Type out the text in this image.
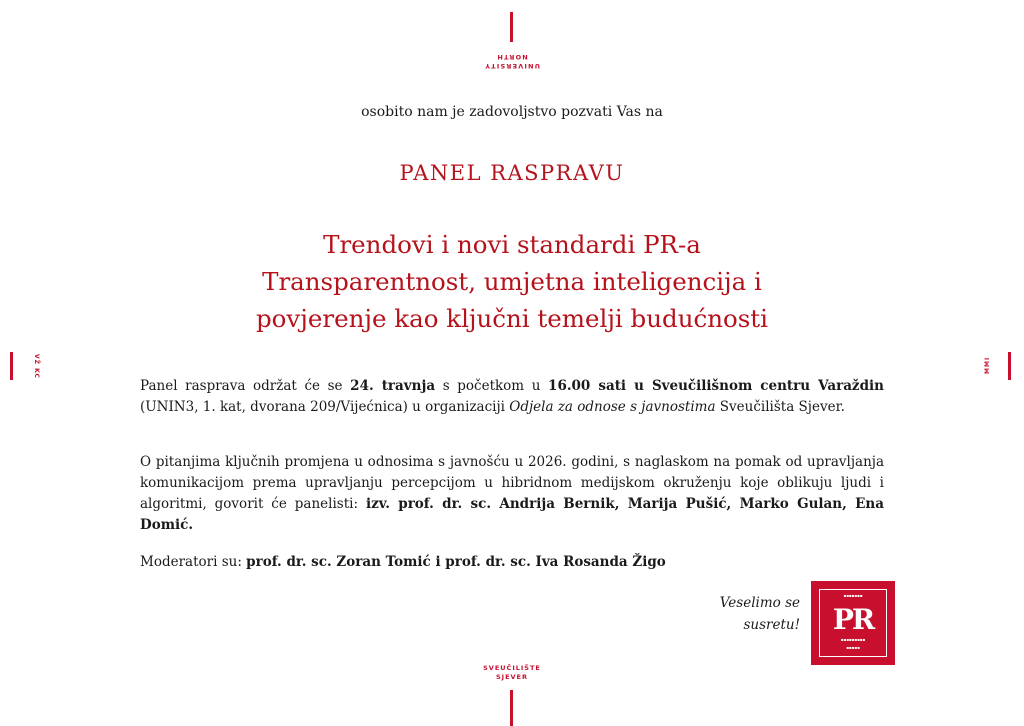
UNIVERSITY
NORTH
VŽ KC	MMI
osobito nam je zadovoljstvo pozvati Vas na
PANEL RASPRAVU
Trendovi i novi standardi PR-a
Transparentnost, umjetna inteligencija i
povjerenje kao ključni temelji budućnosti
Panel rasprava održat će se 24. travnja s početkom u 16.00 sati u Sveučilišnom centru Varaždin (UNIN3, 1. kat, dvorana 209/Vijećnica) u organizaciji Odjela za odnose s javnostima Sveučilišta Sjever.
O pitanjima ključnih promjena u odnosima s javnošću u 2026. godini, s naglaskom na pomak od upravljanja komunikacijom prema upravljanju percepcijom u hibridnom medijskom okruženju koje oblikuju ljudi i algoritmi, govorit će panelisti: izv. prof. dr. sc. Andrija Bernik, Marija Pušić, Marko Gulan, Ena Domić.
Moderatori su: prof. dr. sc. Zoran Tomić i prof. dr. sc. Iva Rosanda Žigo
Veselimo se
susretu!
▪▪▪▪▪▪▪
PR
▪▪▪▪▪▪▪▪▪
▪▪▪▪▪
SVEUČILIŠTE
SJEVER
